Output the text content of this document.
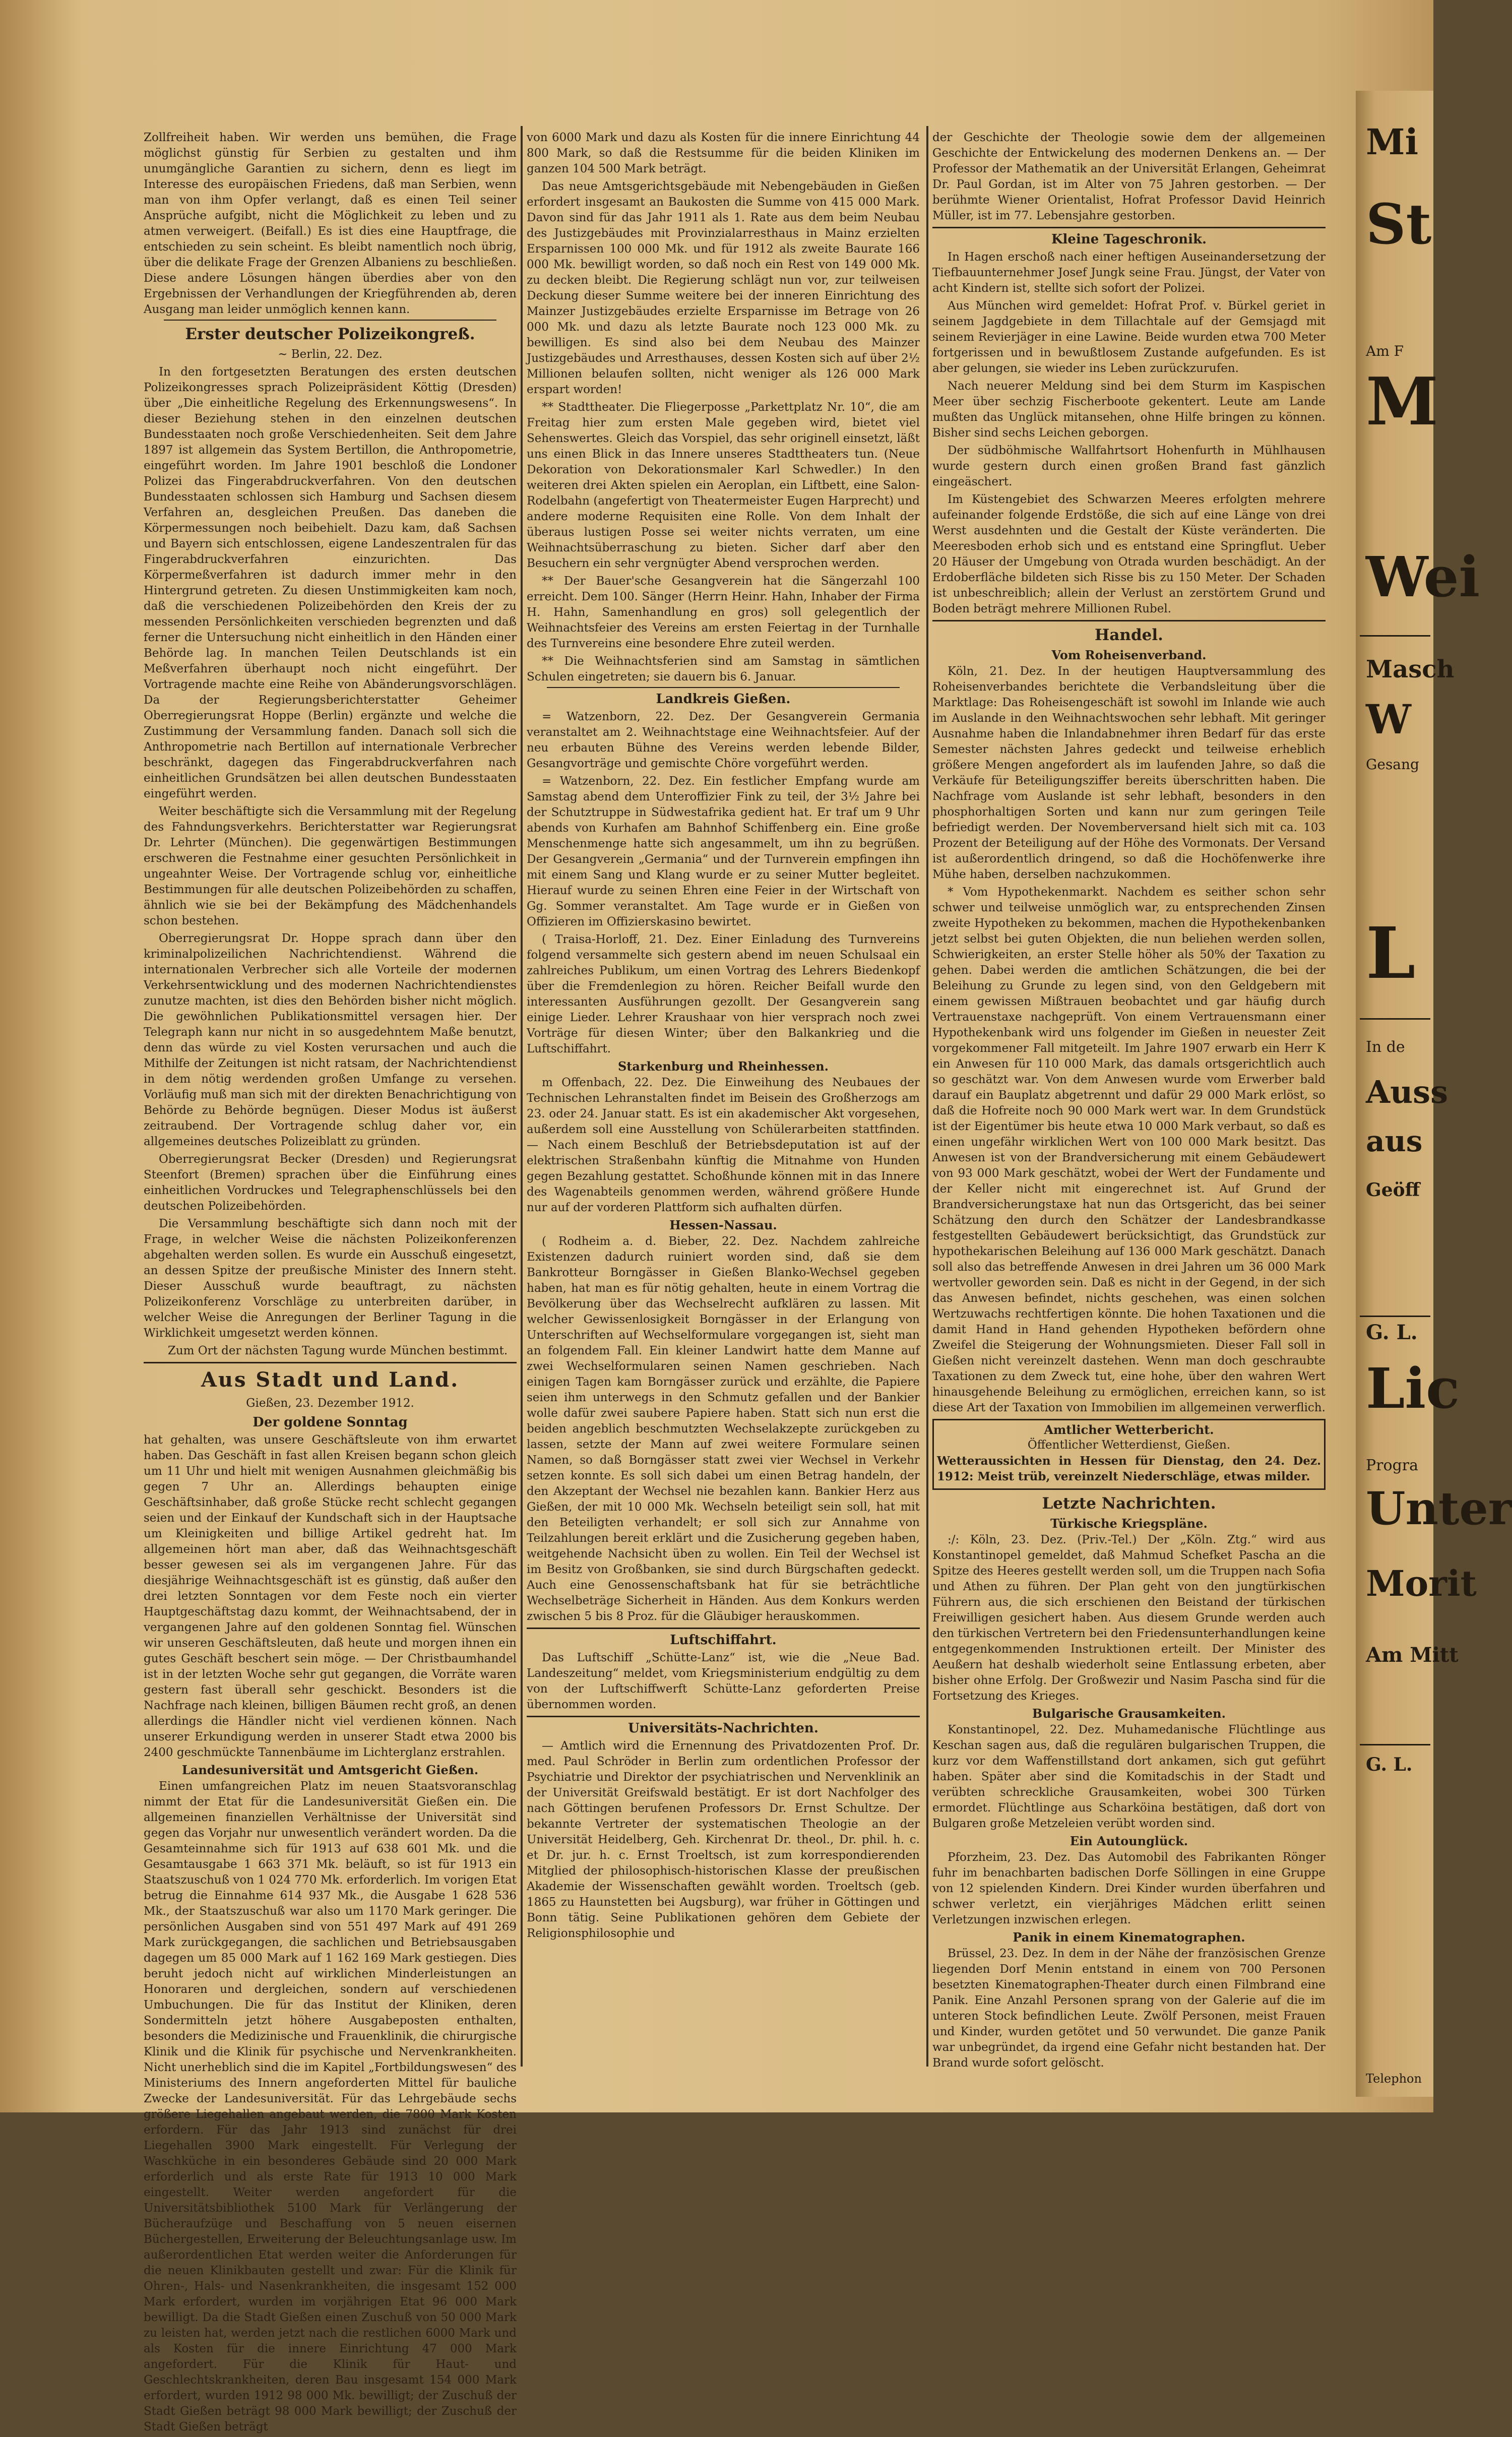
Zollfreiheit haben. Wir werden uns bemühen, die Frage möglichst günstig für Serbien zu gestalten und ihm unumgängliche Garantien zu sichern, denn es liegt im Interesse des europäischen Friedens, daß man Serbien, wenn man von ihm Opfer verlangt, daß es einen Teil seiner Ansprüche aufgibt, nicht die Möglichkeit zu leben und zu atmen verweigert. (Beifall.) Es ist dies eine Hauptfrage, die entschieden zu sein scheint. Es bleibt namentlich noch übrig, über die delikate Frage der Grenzen Albaniens zu beschließen. Diese andere Lösungen hängen überdies aber von den Ergebnissen der Verhandlungen der Kriegführenden ab, deren Ausgang man leider unmöglich kennen kann.

Erster deutscher Polizeikongreß.
~ Berlin, 22. Dez.

In den fortgesetzten Beratungen des ersten deutschen Polizeikongresses sprach Polizeipräsident Köttig (Dresden) über „Die einheitliche Regelung des Erkennungswesens“. In dieser Beziehung stehen in den einzelnen deutschen Bundesstaaten noch große Verschiedenheiten. Seit dem Jahre 1897 ist allgemein das System Bertillon, die Anthropometrie, eingeführt worden. Im Jahre 1901 beschloß die Londoner Polizei das Fingerabdruckverfahren. Von den deutschen Bundesstaaten schlossen sich Hamburg und Sachsen diesem Verfahren an, desgleichen Preußen. Das daneben die Körpermessungen noch beibehielt. Dazu kam, daß Sachsen und Bayern sich entschlossen, eigene Landeszentralen für das Fingerabdruckverfahren einzurichten. Das Körpermeßverfahren ist dadurch immer mehr in den Hintergrund getreten. Zu diesen Unstimmigkeiten kam noch, daß die verschiedenen Polizeibehörden den Kreis der zu messenden Persönlichkeiten verschieden begrenzten und daß ferner die Untersuchung nicht einheitlich in den Händen einer Behörde lag. In manchen Teilen Deutschlands ist ein Meßverfahren überhaupt noch nicht eingeführt. Der Vortragende machte eine Reihe von Abänderungsvorschlägen. Da der Regierungsberichterstatter Geheimer Oberregierungsrat Hoppe (Berlin) ergänzte und welche die Zustimmung der Versammlung fanden. Danach soll sich die Anthropometrie nach Bertillon auf internationale Verbrecher beschränkt, dagegen das Fingerabdruckverfahren nach einheitlichen Grundsätzen bei allen deutschen Bundesstaaten eingeführt werden.

Weiter beschäftigte sich die Versammlung mit der Regelung des Fahndungsverkehrs. Berichterstatter war Regierungsrat Dr. Lehrter (München). Die gegenwärtigen Bestimmungen erschweren die Festnahme einer gesuchten Persönlichkeit in ungeahnter Weise. Der Vortragende schlug vor, einheitliche Bestimmungen für alle deutschen Polizeibehörden zu schaffen, ähnlich wie sie bei der Bekämpfung des Mädchenhandels schon bestehen.

Oberregierungsrat Dr. Hoppe sprach dann über den kriminalpolizeilichen Nachrichtendienst. Während die internationalen Verbrecher sich alle Vorteile der modernen Verkehrsentwicklung und des modernen Nachrichtendienstes zunutze machten, ist dies den Behörden bisher nicht möglich. Die gewöhnlichen Publikationsmittel versagen hier. Der Telegraph kann nur nicht in so ausgedehntem Maße benutzt, denn das würde zu viel Kosten verursachen und auch die Mithilfe der Zeitungen ist nicht ratsam, der Nachrichtendienst in dem nötig werdenden großen Umfange zu versehen. Vorläufig muß man sich mit der direkten Benachrichtigung von Behörde zu Behörde begnügen. Dieser Modus ist äußerst zeitraubend. Der Vortragende schlug daher vor, ein allgemeines deutsches Polizeiblatt zu gründen.

Oberregierungsrat Becker (Dresden) und Regierungsrat Steenfort (Bremen) sprachen über die Einführung eines einheitlichen Vordruckes und Telegraphenschlüssels bei den deutschen Polizeibehörden.

Die Versammlung beschäftigte sich dann noch mit der Frage, in welcher Weise die nächsten Polizeikonferenzen abgehalten werden sollen. Es wurde ein Ausschuß eingesetzt, an dessen Spitze der preußische Minister des Innern steht. Dieser Ausschuß wurde beauftragt, zu nächsten Polizeikonferenz Vorschläge zu unterbreiten darüber, in welcher Weise die Anregungen der Berliner Tagung in die Wirklichkeit umgesetzt werden können.

Zum Ort der nächsten Tagung wurde München bestimmt.

Aus Stadt und Land.
Gießen, 23. Dezember 1912.
Der goldene Sonntag

hat gehalten, was unsere Geschäftsleute von ihm erwartet haben. Das Geschäft in fast allen Kreisen begann schon gleich um 11 Uhr und hielt mit wenigen Ausnahmen gleichmäßig bis gegen 7 Uhr an. Allerdings behaupten einige Geschäftsinhaber, daß große Stücke recht schlecht gegangen seien und der Einkauf der Kundschaft sich in der Hauptsache um Kleinigkeiten und billige Artikel gedreht hat. Im allgemeinen hört man aber, daß das Weihnachtsgeschäft besser gewesen sei als im vergangenen Jahre. Für das diesjährige Weihnachtsgeschäft ist es günstig, daß außer den drei letzten Sonntagen vor dem Feste noch ein vierter Hauptgeschäftstag dazu kommt, der Weihnachtsabend, der in vergangenen Jahre auf den goldenen Sonntag fiel. Wünschen wir unseren Geschäftsleuten, daß heute und morgen ihnen ein gutes Geschäft beschert sein möge. — Der Christbaumhandel ist in der letzten Woche sehr gut gegangen, die Vorräte waren gestern fast überall sehr geschickt. Besonders ist die Nachfrage nach kleinen, billigen Bäumen recht groß, an denen allerdings die Händler nicht viel verdienen können. Nach unserer Erkundigung werden in unserer Stadt etwa 2000 bis 2400 geschmückte Tannenbäume im Lichterglanz erstrahlen.

Landesuniversität und Amtsgericht Gießen.

Einen umfangreichen Platz im neuen Staatsvoranschlag nimmt der Etat für die Landesuniversität Gießen ein. Die allgemeinen finanziellen Verhältnisse der Universität sind gegen das Vorjahr nur unwesentlich verändert worden. Da die Gesamteinnahme sich für 1913 auf 638 601 Mk. und die Gesamtausgabe 1 663 371 Mk. beläuft, so ist für 1913 ein Staatszuschuß von 1 024 770 Mk. erforderlich. Im vorigen Etat betrug die Einnahme 614 937 Mk., die Ausgabe 1 628 536 Mk., der Staatszuschuß war also um 1170 Mark geringer. Die persönlichen Ausgaben sind von 551 497 Mark auf 491 269 Mark zurückgegangen, die sachlichen und Betriebsausgaben dagegen um 85 000 Mark auf 1 162 169 Mark gestiegen. Dies beruht jedoch nicht auf wirklichen Minderleistungen an Honoraren und dergleichen, sondern auf verschiedenen Umbuchungen. Die für das Institut der Kliniken, deren Sondermitteln jetzt höhere Ausgabeposten enthalten, besonders die Medizinische und Frauenklinik, die chirurgische Klinik und die Klinik für psychische und Nervenkrankheiten. Nicht unerheblich sind die im Kapitel „Fortbildungswesen“ des Ministeriums des Innern angeforderten Mittel für bauliche Zwecke der Landesuniversität. Für das Lehrgebäude sechs größere Liegehallen angebaut werden, die 7800 Mark Kosten erfordern. Für das Jahr 1913 sind zunächst für drei Liegehallen 3900 Mark eingestellt. Für Verlegung der Waschküche in ein besonderes Gebäude sind 20 000 Mark erforderlich und als erste Rate für 1913 10 000 Mark eingestellt. Weiter werden angefordert für die Universitätsbibliothek 5100 Mark für Verlängerung der Bücheraufzüge und Beschaffung von 5 neuen eisernen Büchergestellen, Erweiterung der Beleuchtungsanlage usw. Im außerordentlichen Etat werden weiter die Anforderungen für die neuen Klinikbauten gestellt und zwar: Für die Klinik für Ohren-, Hals- und Nasenkrankheiten, die insgesamt 152 000 Mark erfordert, wurden im vorjährigen Etat 96 000 Mark bewilligt. Da die Stadt Gießen einen Zuschuß von 50 000 Mark zu leisten hat, werden jetzt nach die restlichen 6000 Mark und als Kosten für die innere Einrichtung 47 000 Mark angefordert. Für die Klinik für Haut- und Geschlechtskrankheiten, deren Bau insgesamt 154 000 Mark erfordert, wurden 1912 98 000 Mk. bewilligt; der Zuschuß der Stadt Gießen beträgt 98 000 Mark bewilligt; der Zuschuß der Stadt Gießen beträgt

von 6000 Mark und dazu als Kosten für die innere Einrichtung 44 800 Mark, so daß die Restsumme für die beiden Kliniken im ganzen 104 500 Mark beträgt.

Das neue Amtsgerichtsgebäude mit Nebengebäuden in Gießen erfordert insgesamt an Baukosten die Summe von 415 000 Mark. Davon sind für das Jahr 1911 als 1. Rate aus dem beim Neubau des Justizgebäudes mit Provinzialarresthaus in Mainz erzielten Ersparnissen 100 000 Mk. und für 1912 als zweite Baurate 166 000 Mk. bewilligt worden, so daß noch ein Rest von 149 000 Mk. zu decken bleibt. Die Regierung schlägt nun vor, zur teilweisen Deckung dieser Summe weitere bei der inneren Einrichtung des Mainzer Justizgebäudes erzielte Ersparnisse im Betrage von 26 000 Mk. und dazu als letzte Baurate noch 123 000 Mk. zu bewilligen. Es sind also bei dem Neubau des Mainzer Justizgebäudes und Arresthauses, dessen Kosten sich auf über 2½ Millionen belaufen sollten, nicht weniger als 126 000 Mark erspart worden!

** Stadttheater. Die Fliegerposse „Parkettplatz Nr. 10“, die am Freitag hier zum ersten Male gegeben wird, bietet viel Sehenswertes. Gleich das Vorspiel, das sehr originell einsetzt, läßt uns einen Blick in das Innere unseres Stadttheaters tun. (Neue Dekoration von Dekorationsmaler Karl Schwedler.) In den weiteren drei Akten spielen ein Aeroplan, ein Liftbett, eine Salon-Rodelbahn (angefertigt von Theatermeister Eugen Harprecht) und andere moderne Requisiten eine Rolle. Von dem Inhalt der überaus lustigen Posse sei weiter nichts verraten, um eine Weihnachtsüberraschung zu bieten. Sicher darf aber den Besuchern ein sehr vergnügter Abend versprochen werden.

** Der Bauer'sche Gesangverein hat die Sängerzahl 100 erreicht. Dem 100. Sänger (Herrn Heinr. Hahn, Inhaber der Firma H. Hahn, Samenhandlung en gros) soll gelegentlich der Weihnachtsfeier des Vereins am ersten Feiertag in der Turnhalle des Turnvereins eine besondere Ehre zuteil werden.

** Die Weihnachtsferien sind am Samstag in sämtlichen Schulen eingetreten; sie dauern bis 6. Januar.

Landkreis Gießen.

= Watzenborn, 22. Dez. Der Gesangverein Germania veranstaltet am 2. Weihnachtstage eine Weihnachtsfeier. Auf der neu erbauten Bühne des Vereins werden lebende Bilder, Gesangvorträge und gemischte Chöre vorgeführt werden.

= Watzenborn, 22. Dez. Ein festlicher Empfang wurde am Samstag abend dem Unteroffizier Fink zu teil, der 3½ Jahre bei der Schutztruppe in Südwestafrika gedient hat. Er traf um 9 Uhr abends von Kurhafen am Bahnhof Schiffenberg ein. Eine große Menschenmenge hatte sich angesammelt, um ihn zu begrüßen. Der Gesangverein „Germania“ und der Turnverein empfingen ihn mit einem Sang und Klang wurde er zu seiner Mutter begleitet. Hierauf wurde zu seinen Ehren eine Feier in der Wirtschaft von Gg. Sommer veranstaltet. Am Tage wurde er in Gießen von Offizieren im Offizierskasino bewirtet.

( Traisa-Horloff, 21. Dez. Einer Einladung des Turnvereins folgend versammelte sich gestern abend im neuen Schulsaal ein zahlreiches Publikum, um einen Vortrag des Lehrers Biedenkopf über die Fremdenlegion zu hören. Reicher Beifall wurde den interessanten Ausführungen gezollt. Der Gesangverein sang einige Lieder. Lehrer Kraushaar von hier versprach noch zwei Vorträge für diesen Winter; über den Balkankrieg und die Luftschiffahrt.

Starkenburg und Rheinhessen.

m Offenbach, 22. Dez. Die Einweihung des Neubaues der Technischen Lehranstalten findet im Beisein des Großherzogs am 23. oder 24. Januar statt. Es ist ein akademischer Akt vorgesehen, außerdem soll eine Ausstellung von Schülerarbeiten stattfinden. — Nach einem Beschluß der Betriebsdeputation ist auf der elektrischen Straßenbahn künftig die Mitnahme von Hunden gegen Bezahlung gestattet. Schoßhunde können mit in das Innere des Wagenabteils genommen werden, während größere Hunde nur auf der vorderen Plattform sich aufhalten dürfen.

Hessen-Nassau.

( Rodheim a. d. Bieber, 22. Dez. Nachdem zahlreiche Existenzen dadurch ruiniert worden sind, daß sie dem Bankrotteur Borngässer in Gießen Blanko-Wechsel gegeben haben, hat man es für nötig gehalten, heute in einem Vortrag die Bevölkerung über das Wechselrecht aufklären zu lassen. Mit welcher Gewissenlosigkeit Borngässer in der Erlangung von Unterschriften auf Wechselformulare vorgegangen ist, sieht man an folgendem Fall. Ein kleiner Landwirt hatte dem Manne auf zwei Wechselformularen seinen Namen geschrieben. Nach einigen Tagen kam Borngässer zurück und erzählte, die Papiere seien ihm unterwegs in den Schmutz gefallen und der Bankier wolle dafür zwei saubere Papiere haben. Statt sich nun erst die beiden angeblich beschmutzten Wechselakzepte zurückgeben zu lassen, setzte der Mann auf zwei weitere Formulare seinen Namen, so daß Borngässer statt zwei vier Wechsel in Verkehr setzen konnte. Es soll sich dabei um einen Betrag handeln, der den Akzeptant der Wechsel nie bezahlen kann. Bankier Herz aus Gießen, der mit 10 000 Mk. Wechseln beteiligt sein soll, hat mit den Beteiligten verhandelt; er soll sich zur Annahme von Teilzahlungen bereit erklärt und die Zusicherung gegeben haben, weitgehende Nachsicht üben zu wollen. Ein Teil der Wechsel ist im Besitz von Großbanken, sie sind durch Bürgschaften gedeckt. Auch eine Genossenschaftsbank hat für sie beträchtliche Wechselbeträge Sicherheit in Händen. Aus dem Konkurs werden zwischen 5 bis 8 Proz. für die Gläubiger herauskommen.

Luftschiffahrt.

Das Luftschiff „Schütte-Lanz“ ist, wie die „Neue Bad. Landeszeitung“ meldet, vom Kriegsministerium endgültig zu dem von der Luftschiffwerft Schütte-Lanz geforderten Preise übernommen worden.

Universitäts-Nachrichten.

— Amtlich wird die Ernennung des Privatdozenten Prof. Dr. med. Paul Schröder in Berlin zum ordentlichen Professor der Psychiatrie und Direktor der psychiatrischen und Nervenklinik an der Universität Greifswald bestätigt. Er ist dort Nachfolger des nach Göttingen berufenen Professors Dr. Ernst Schultze. Der bekannte Vertreter der systematischen Theologie an der Universität Heidelberg, Geh. Kirchenrat Dr. theol., Dr. phil. h. c. et Dr. jur. h. c. Ernst Troeltsch, ist zum korrespondierenden Mitglied der philosophisch-historischen Klasse der preußischen Akademie der Wissenschaften gewählt worden. Troeltsch (geb. 1865 zu Haunstetten bei Augsburg), war früher in Göttingen und Bonn tätig. Seine Publikationen gehören dem Gebiete der Religionsphilosophie und

der Geschichte der Theologie sowie dem der allgemeinen Geschichte der Entwickelung des modernen Denkens an. — Der Professor der Mathematik an der Universität Erlangen, Geheimrat Dr. Paul Gordan, ist im Alter von 75 Jahren gestorben. — Der berühmte Wiener Orientalist, Hofrat Professor David Heinrich Müller, ist im 77. Lebensjahre gestorben.

Kleine Tageschronik.

In Hagen erschoß nach einer heftigen Auseinandersetzung der Tiefbauunternehmer Josef Jungk seine Frau. Jüngst, der Vater von acht Kindern ist, stellte sich sofort der Polizei.

Aus München wird gemeldet: Hofrat Prof. v. Bürkel geriet in seinem Jagdgebiete in dem Tillachtale auf der Gemsjagd mit seinem Revierjäger in eine Lawine. Beide wurden etwa 700 Meter fortgerissen und in bewußtlosem Zustande aufgefunden. Es ist aber gelungen, sie wieder ins Leben zurückzurufen.

Nach neuerer Meldung sind bei dem Sturm im Kaspischen Meer über sechzig Fischerboote gekentert. Leute am Lande mußten das Unglück mitansehen, ohne Hilfe bringen zu können. Bisher sind sechs Leichen geborgen.

Der südböhmische Wallfahrtsort Hohenfurth in Mühlhausen wurde gestern durch einen großen Brand fast gänzlich eingeäschert.

Im Küstengebiet des Schwarzen Meeres erfolgten mehrere aufeinander folgende Erdstöße, die sich auf eine Länge von drei Werst ausdehnten und die Gestalt der Küste veränderten. Die Meeresboden erhob sich und es entstand eine Springflut. Ueber 20 Häuser der Umgebung von Otrada wurden beschädigt. An der Erdoberfläche bildeten sich Risse bis zu 150 Meter. Der Schaden ist unbeschreiblich; allein der Verlust an zerstörtem Grund und Boden beträgt mehrere Millionen Rubel.

Handel.
Vom Roheisenverband.

Köln, 21. Dez. In der heutigen Hauptversammlung des Roheisenverbandes berichtete die Verbandsleitung über die Marktlage: Das Roheisengeschäft ist sowohl im Inlande wie auch im Auslande in den Weihnachtswochen sehr lebhaft. Mit geringer Ausnahme haben die Inlandabnehmer ihren Bedarf für das erste Semester nächsten Jahres gedeckt und teilweise erheblich größere Mengen angefordert als im laufenden Jahre, so daß die Verkäufe für Beteiligungsziffer bereits überschritten haben. Die Nachfrage vom Auslande ist sehr lebhaft, besonders in den phosphorhaltigen Sorten und kann nur zum geringen Teile befriedigt werden. Der Novemberversand hielt sich mit ca. 103 Prozent der Beteiligung auf der Höhe des Vormonats. Der Versand ist außerordentlich dringend, so daß die Hochöfenwerke ihre Mühe haben, derselben nachzukommen.

* Vom Hypothekenmarkt. Nachdem es seither schon sehr schwer und teilweise unmöglich war, zu entsprechenden Zinsen zweite Hypotheken zu bekommen, machen die Hypothekenbanken jetzt selbst bei guten Objekten, die nun beliehen werden sollen, Schwierigkeiten, an erster Stelle höher als 50% der Taxation zu gehen. Dabei werden die amtlichen Schätzungen, die bei der Beleihung zu Grunde zu legen sind, von den Geldgebern mit einem gewissen Mißtrauen beobachtet und gar häufig durch Vertrauenstaxe nachgeprüft. Von einem Vertrauensmann einer Hypothekenbank wird uns folgender im Gießen in neuester Zeit vorgekommener Fall mitgeteilt. Im Jahre 1907 erwarb ein Herr K ein Anwesen für 110 000 Mark, das damals ortsgerichtlich auch so geschätzt war. Von dem Anwesen wurde vom Erwerber bald darauf ein Bauplatz abgetrennt und dafür 29 000 Mark erlöst, so daß die Hofreite noch 90 000 Mark wert war. In dem Grundstück ist der Eigentümer bis heute etwa 10 000 Mark verbaut, so daß es einen ungefähr wirklichen Wert von 100 000 Mark besitzt. Das Anwesen ist von der Brandversicherung mit einem Gebäudewert von 93 000 Mark geschätzt, wobei der Wert der Fundamente und der Keller nicht mit eingerechnet ist. Auf Grund der Brandversicherungstaxe hat nun das Ortsgericht, das bei seiner Schätzung den durch den Schätzer der Landesbrandkasse festgestellten Gebäudewert berücksichtigt, das Grundstück zur hypothekarischen Beleihung auf 136 000 Mark geschätzt. Danach soll also das betreffende Anwesen in drei Jahren um 36 000 Mark wertvoller geworden sein. Daß es nicht in der Gegend, in der sich das Anwesen befindet, nichts geschehen, was einen solchen Wertzuwachs rechtfertigen könnte. Die hohen Taxationen und die damit Hand in Hand gehenden Hypotheken befördern ohne Zweifel die Steigerung der Wohnungsmieten. Dieser Fall soll in Gießen nicht vereinzelt dastehen. Wenn man doch geschraubte Taxationen zu dem Zweck tut, eine hohe, über den wahren Wert hinausgehende Beleihung zu ermöglichen, erreichen kann, so ist diese Art der Taxation von Immobilien im allgemeinen verwerflich.

Amtlicher Wetterbericht.
Öffentlicher Wetterdienst, Gießen.

Wetteraussichten in Hessen für Dienstag, den 24. Dez. 1912: Meist trüb, vereinzelt Niederschläge, etwas milder.

Letzte Nachrichten.
Türkische Kriegspläne.

:/: Köln, 23. Dez. (Priv.-Tel.) Der „Köln. Ztg.“ wird aus Konstantinopel gemeldet, daß Mahmud Schefket Pascha an die Spitze des Heeres gestellt werden soll, um die Truppen nach Sofia und Athen zu führen. Der Plan geht von den jungtürkischen Führern aus, die sich erschienen den Beistand der türkischen Freiwilligen gesichert haben. Aus diesem Grunde werden auch den türkischen Vertretern bei den Friedensunterhandlungen keine entgegenkommenden Instruktionen erteilt. Der Minister des Aeußern hat deshalb wiederholt seine Entlassung erbeten, aber bisher ohne Erfolg. Der Großwezir und Nasim Pascha sind für die Fortsetzung des Krieges.

Bulgarische Grausamkeiten.

Konstantinopel, 22. Dez. Muhamedanische Flüchtlinge aus Keschan sagen aus, daß die regulären bulgarischen Truppen, die kurz vor dem Waffenstillstand dort ankamen, sich gut geführt haben. Später aber sind die Komitadschis in der Stadt und verübten schreckliche Grausamkeiten, wobei 300 Türken ermordet. Flüchtlinge aus Scharköina bestätigen, daß dort von Bulgaren große Metzeleien verübt worden sind.

Ein Autounglück.

Pforzheim, 23. Dez. Das Automobil des Fabrikanten Rönger fuhr im benachbarten badischen Dorfe Söllingen in eine Gruppe von 12 spielenden Kindern. Drei Kinder wurden überfahren und schwer verletzt, ein vierjähriges Mädchen erlitt seinen Verletzungen inzwischen erlegen.

Panik in einem Kinematographen.

Brüssel, 23. Dez. In dem in der Nähe der französischen Grenze liegenden Dorf Menin entstand in einem von 700 Personen besetzten Kinematographen-Theater durch einen Filmbrand eine Panik. Eine Anzahl Personen sprang von der Galerie auf die im unteren Stock befindlichen Leute. Zwölf Personen, meist Frauen und Kinder, wurden getötet und 50 verwundet. Die ganze Panik war unbegründet, da irgend eine Gefahr nicht bestanden hat. Der Brand wurde sofort gelöscht.

Mi
St
Am F
M
Wei
Masch
W
Gesang
L
In de
Auss
aus
Geöff
G. L.
Lic
Progra
Unter
Morit
Am Mitt
G. L.
Telephon
